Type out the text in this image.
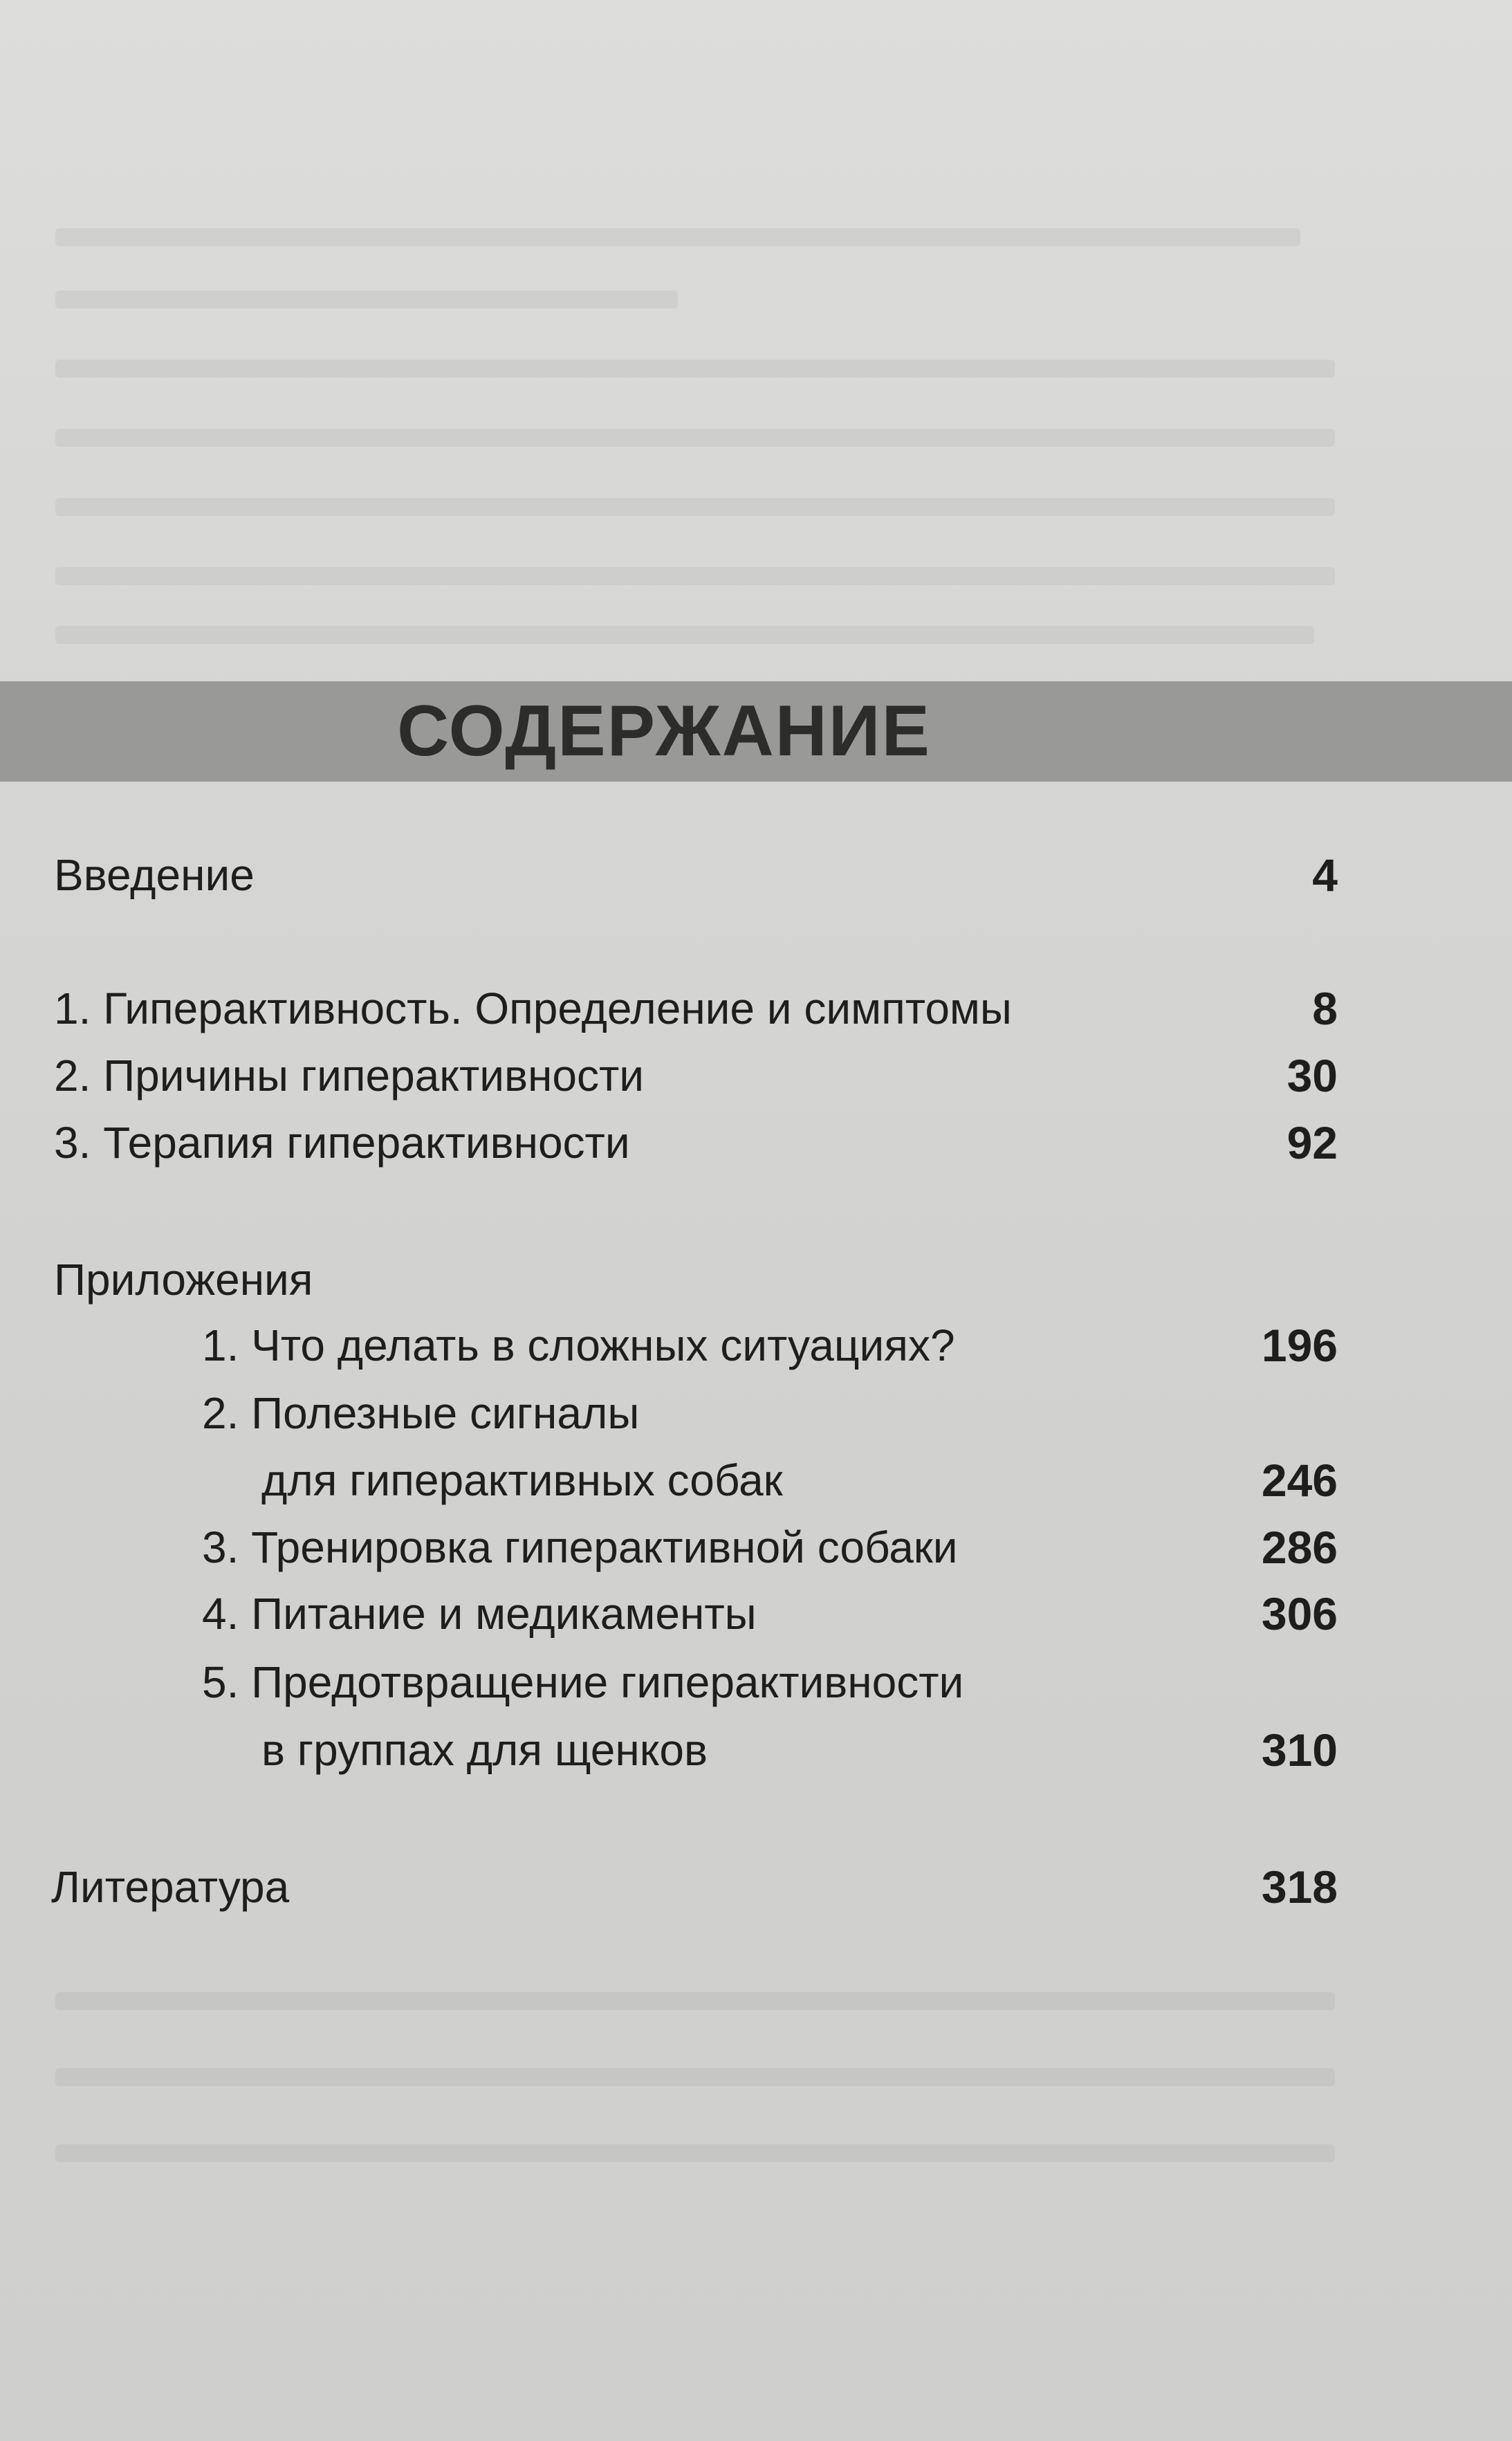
СОДЕРЖАНИЕ
Введение	4
1. Гиперактивность. Определение и симптомы	8
2. Причины гиперактивности	30
3. Терапия гиперактивности	92
Приложения
1. Что делать в сложных ситуациях?	196
2. Полезные сигналы
для гиперактивных собак	246
3. Тренировка гиперактивной собаки	286
4. Питание и медикаменты	306
5. Предотвращение гиперактивности
в группах для щенков	310
Литература	318
